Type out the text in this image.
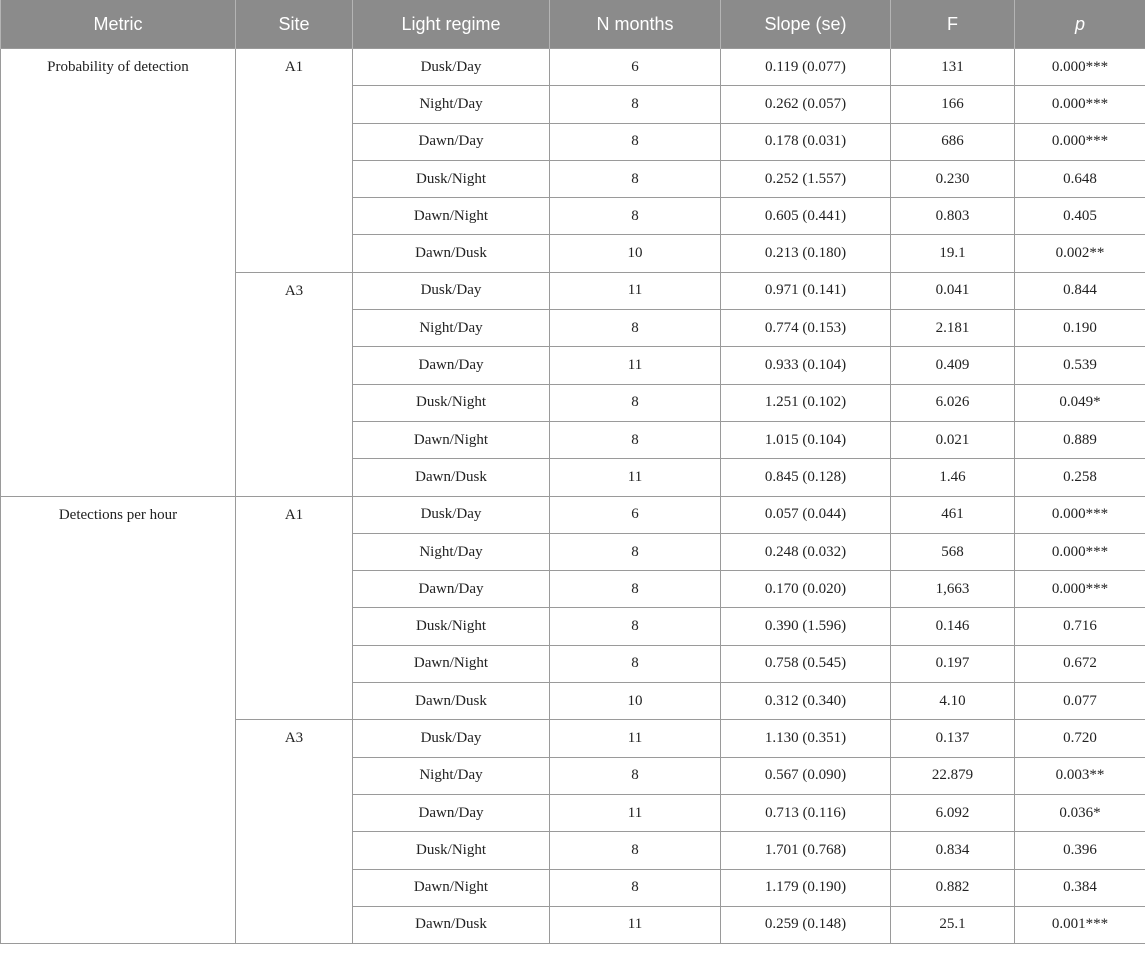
Metric	Site	Light regime	N months	Slope (se)	F	p
Probability of detection	A1	Dusk/Day	6	0.119 (0.077)	131	0.000***
		Night/Day	8	0.262 (0.057)	166	0.000***
		Dawn/Day	8	0.178 (0.031)	686	0.000***
		Dusk/Night	8	0.252 (1.557)	0.230	0.648
		Dawn/Night	8	0.605 (0.441)	0.803	0.405
		Dawn/Dusk	10	0.213 (0.180)	19.1	0.002**
	A3	Dusk/Day	11	0.971 (0.141)	0.041	0.844
		Night/Day	8	0.774 (0.153)	2.181	0.190
		Dawn/Day	11	0.933 (0.104)	0.409	0.539
		Dusk/Night	8	1.251 (0.102)	6.026	0.049*
		Dawn/Night	8	1.015 (0.104)	0.021	0.889
		Dawn/Dusk	11	0.845 (0.128)	1.46	0.258
Detections per hour	A1	Dusk/Day	6	0.057 (0.044)	461	0.000***
		Night/Day	8	0.248 (0.032)	568	0.000***
		Dawn/Day	8	0.170 (0.020)	1,663	0.000***
		Dusk/Night	8	0.390 (1.596)	0.146	0.716
		Dawn/Night	8	0.758 (0.545)	0.197	0.672
		Dawn/Dusk	10	0.312 (0.340)	4.10	0.077
	A3	Dusk/Day	11	1.130 (0.351)	0.137	0.720
		Night/Day	8	0.567 (0.090)	22.879	0.003**
		Dawn/Day	11	0.713 (0.116)	6.092	0.036*
		Dusk/Night	8	1.701 (0.768)	0.834	0.396
		Dawn/Night	8	1.179 (0.190)	0.882	0.384
		Dawn/Dusk	11	0.259 (0.148)	25.1	0.001***
